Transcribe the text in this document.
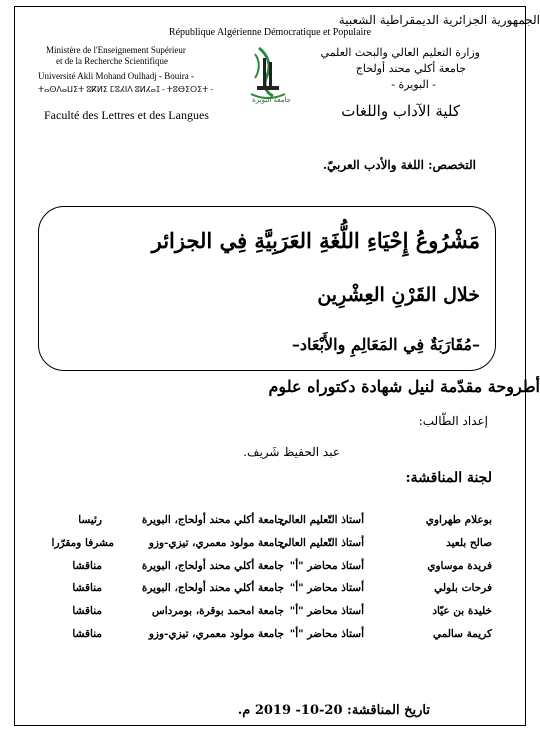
الجمهورية الجزائرية الديمقراطية الشعبية
République Algérienne Démocratique et Populaire
Ministère de l'Enseignement Supérieur
et de la Recherche Scientifique
Université Akli Mohand Oulhadj - Bouira -
ⵜⴰⵙⴷⴰⵡⵉⵜ ⵓⴽⵍⵉ ⵎⵓⵃⵏⴷ ⵓⵍⵃⴰⵊ - ⵜⵓⴱⵉⵔⵉⵜ -
وزارة التعليم العالي والبحث العلمي
جامعة أكلي محند أولحاج
- البويرة -
Faculté des Lettres et des Langues	كلية الآداب واللغات
جامعة البويرة
التخصص: اللغة والأدب العربيّ.
مَشْرُوعُ إِحْيَاءِ اللُّغَةِ العَرَبِيَّةِ فِي الجزائر
خلال القَرْنِ العِشْرِين
–مُقَارَبَةٌ فِي المَعَالِمِ والأَبْعَاد–
أطروحة مقدّمة لنيل شهادة دكتوراه علوم
إعداد الطّالب:
عبد الحفيظ شَريف.
لجنة المناقشة:
بوعلام طهراوي
أستاذ التّعليم العالي
جامعة أكلي محند أولحاج، البويرة
رئيسا
صالح بلعيد
أستاذ التّعليم العالي
جامعة مولود معمري، تيزي-وزو
مشرفا ومقرّرا
فريدة موساوي
أستاذ محاضر "أ"
جامعة أكلي محند أولحاج، البويرة
مناقشا
فرحات بلولي
أستاذ محاضر "أ"
جامعة أكلي محند أولحاج، البويرة
مناقشا
خليدة بن عيّاد
أستاذ محاضر "أ"
جامعة امحمد بوقرة، بومرداس
مناقشا
كريمة سالمي
أستاذ محاضر "أ"
جامعة مولود معمري، تيزي-وزو
مناقشا
تاريخ المناقشة: 20-10- 2019 م.
